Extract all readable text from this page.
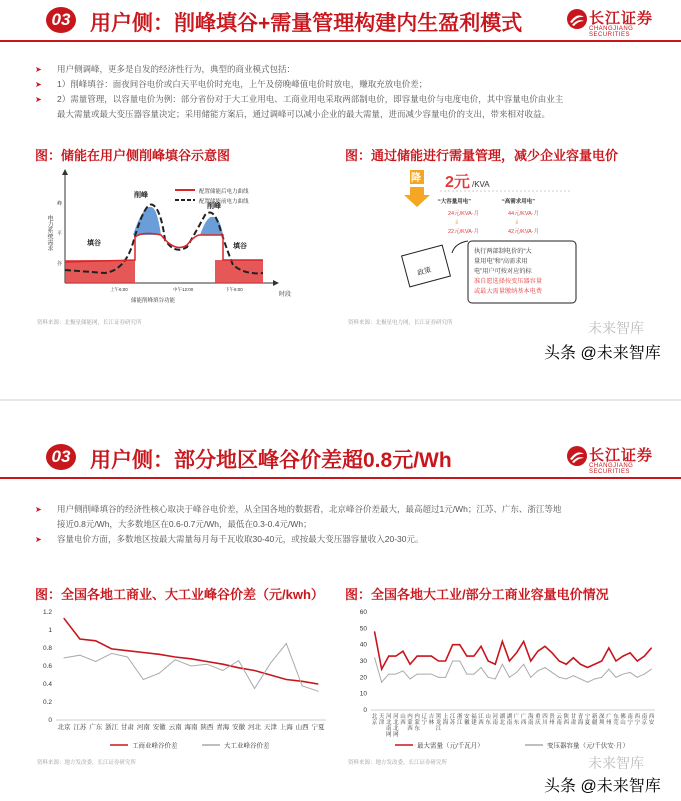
03 用户侧：削峰填谷+需量管理构建内生盈利模式	长江证券
CHANGJIANG SECURITIES
➤ 用户侧调峰，更多是自发的经济性行为，典型的商业模式包括：
➤ 1）削峰填谷：面夜间谷电价或白天平电价时充电，上午及傍晚峰值电价时放电，赚取充放电价差；
➤ 2）需量管理，以容量电价为例：部分省份对于大工业用电、工商业用电采取两部制电价，即容量电价与电度电价，其中容量电价由业主
最大需量或最大变压器容量决定；采用储能方案后，通过调峰可以减小企业的最大需量，进而减少容量电价的支出，带来相对收益。
图：储能在用户侧削峰填谷示意图	图：通过储能进行需量管理，减少企业容量电价
配置储能后电力曲线
配置储能前电力曲线
削峰
填谷
削峰
填谷
峰
平
谷
电力系统需求
时段
上午6:00	中午12:00	下午6:00
储能削峰填谷功能
资料来源：北极星储能网，长江证券研究所
降 2元 /KVA
“大容量用电”	“高需求用电”
24元/KVA·月	44元/KVA·月
⇓	⇓
22元/KVA·月	42元/KVA·月
政策
执行两部制电价的“大
量用电”和“高需求用
电”用户可按对应的标
准自愿选择按变压器容量
或最大需量缴纳基本电费
资料来源：北极星电力网，长江证券研究所	未来智库
头条 @未来智库
03 用户侧：部分地区峰谷价差超0.8元/Wh	长江证券
CHANGJIANG SECURITIES
➤ 用户侧削峰填谷的经济性核心取决于峰谷电价差，从全国各地的数据看，北京峰谷价差最大，最高超过1元/Wh；江苏、广东、浙江等地
接近0.8元/Wh，大多数地区在0.6-0.7元/Wh，最低在0.3-0.4元/Wh；
➤ 容量电价方面，多数地区按最大需量每月每千瓦收取30-40元，或按最大变压器容量收入20-30元。
图：全国各地工商业、大工业峰谷价差（元/kwh） 图：全国各地大工业/部分工商业容量电价情况
0
0.2
0.4
0.6
0.8
1
1.2
北京 江苏 广东 浙江 甘肃 河南 安徽 云南 海南 陕西 青海 安徽 河北 天津 上海 山西 宁夏
工商业峰谷价差	大工业峰谷价差
0
10
20
30
40
50
60
北京
天津
河北南网
河北北网
山西
内蒙西
内蒙东
辽宁
吉林
黑龙江
上海
江苏
浙江
安徽
福建
江西
山东
河南
湖北
湖南
广东
广西
海南
重庆
四川
贵州
云南
陕西
甘肃
青海
宁夏
新疆
深圳
广州
东莞
佛山
南宁
西宁
南京
西安
最大需量（元/千瓦月）	变压器容量（元/千伏安·月）
资料来源：地方发改委，长江证券研究所	资料来源：地方发改委，长江证券研究所	未来智库
头条 @未来智库
